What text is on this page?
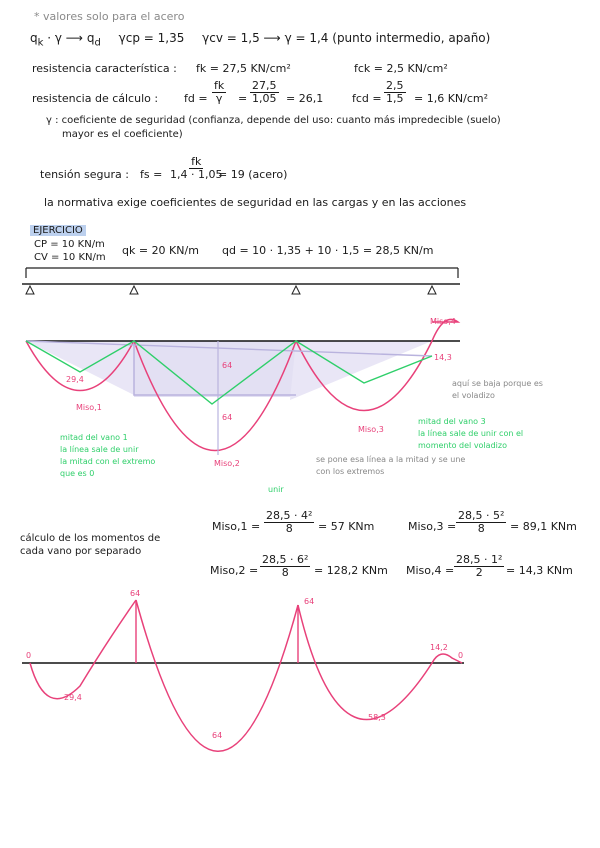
* valores solo para el acero
$q_k \cdot \gamma$ ⟶ $q_d$ γcp = 1,35 γcv = 1,5 ⟶ γ = 1,4 (punto intermedio, apaño)
resistencia característica : fk = 27,5 KN/cm²	fck = 2,5 KN/cm²
resistencia de cálculo : fd = $\frac{fk}{\gamma} = \frac{27,5}{1,05} = 26,1$	fcd = $\frac{2,5}{1,5} = 1,6$ KN/cm²
γ : coeficiente de seguridad (confianza, depende del uso: cuanto más impredecible (suelo)
mayor es el coeficiente)
tensión segura : fs = $\frac{fk}{1,4 \cdot 1,05}$
= 19 (acero)
la normativa exige coeficientes de seguridad en las cargas y en las acciones
EJERCICIO
CP = 10 KN/m
CV = 10 KN/m
qk = 20 KN/m qd = 10 · 1,35 + 10 · 1,5 = 28,5 KN/m
29,4
64
64
14,3
Miso,1
Miso,2
Miso,3
Miso,4
mitad del vano 1
la línea sale de unir
la mitad con el extremo
que es 0
unir
mitad del vano 3
la línea sale de unir con el
momento del voladizo
se pone esa línea a la mitad y se une
con los extremos
aquí se baja porque es
el voladizo
0
64
64
29,4
64
58,3
14,2
0
cálculo de los momentos de
cada vano por separado
Miso,1 = $\frac{\text{28,5 · 4²}}{8} = 57$ KNm	Miso,3 = $\frac{\text{28,5 · 5²}}{8} = 89,1$ KNm
Miso,2 = $\frac{\text{28,5 · 6²}}{8} = 128,2$ KNm Miso,4 = $\frac{\text{28,5 · 1²}}{2} = 14,3$ KNm
